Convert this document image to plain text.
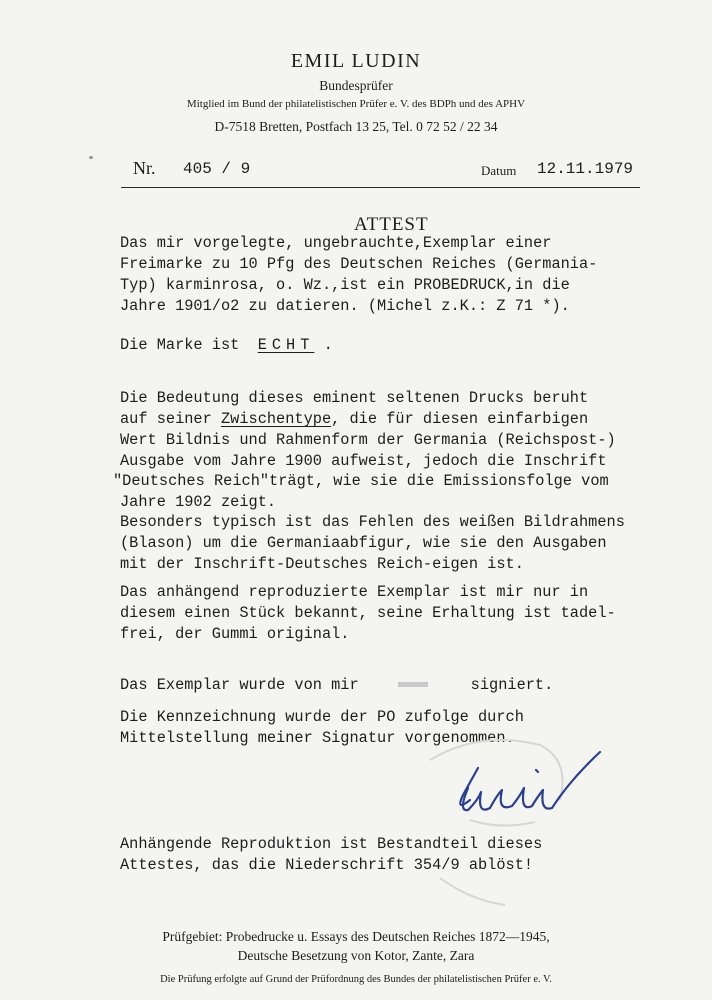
EMIL LUDIN
Bundesprüfer
Mitglied im Bund der philatelistischen Prüfer e. V. des BDPh und des APHV
D-7518 Bretten, Postfach 13 25, Tel. 0 72 52 / 22 34
Nr. 405 / 9	Datum 12.11.1979
ATTEST
Das mir vorgelegte, ungebrauchte,Exemplar einer
Freimarke zu 10 Pfg des Deutschen Reiches (Germania-
Typ) karminrosa, o. Wz.,ist ein PROBEDRUCK,in die
Jahre 1901/o2 zu datieren. (Michel z.K.: Z 71 *).
Die Marke ist ECHT .
Die Bedeutung dieses eminent seltenen Drucks beruht
auf seiner Zwischentype, die für diesen einfarbigen
Wert Bildnis und Rahmenform der Germania (Reichspost-)
Ausgabe vom Jahre 1900 aufweist, jedoch die Inschrift
"Deutsches Reich"trägt, wie sie die Emissionsfolge vom
Jahre 1902 zeigt.
Besonders typisch ist das Fehlen des weißen Bildrahmens
(Blason) um die Germaniaabfigur, wie sie den Ausgaben
mit der Inschrift-Deutsches Reich-eigen ist.
Das anhängend reproduzierte Exemplar ist mir nur in
diesem einen Stück bekannt, seine Erhaltung ist tadel-
frei, der Gummi original.
Das Exemplar wurde von mir	signiert.
Die Kennzeichnung wurde der PO zufolge durch
Mittelstellung meiner Signatur vorgenommen.
Anhängende Reproduktion ist Bestandteil dieses
Attestes, das die Niederschrift 354/9 ablöst!
Prüfgebiet: Probedrucke u. Essays des Deutschen Reiches 1872—1945,
Deutsche Besetzung von Kotor, Zante, Zara
Die Prüfung erfolgte auf Grund der Prüfordnung des Bundes der philatelistischen Prüfer e. V.
